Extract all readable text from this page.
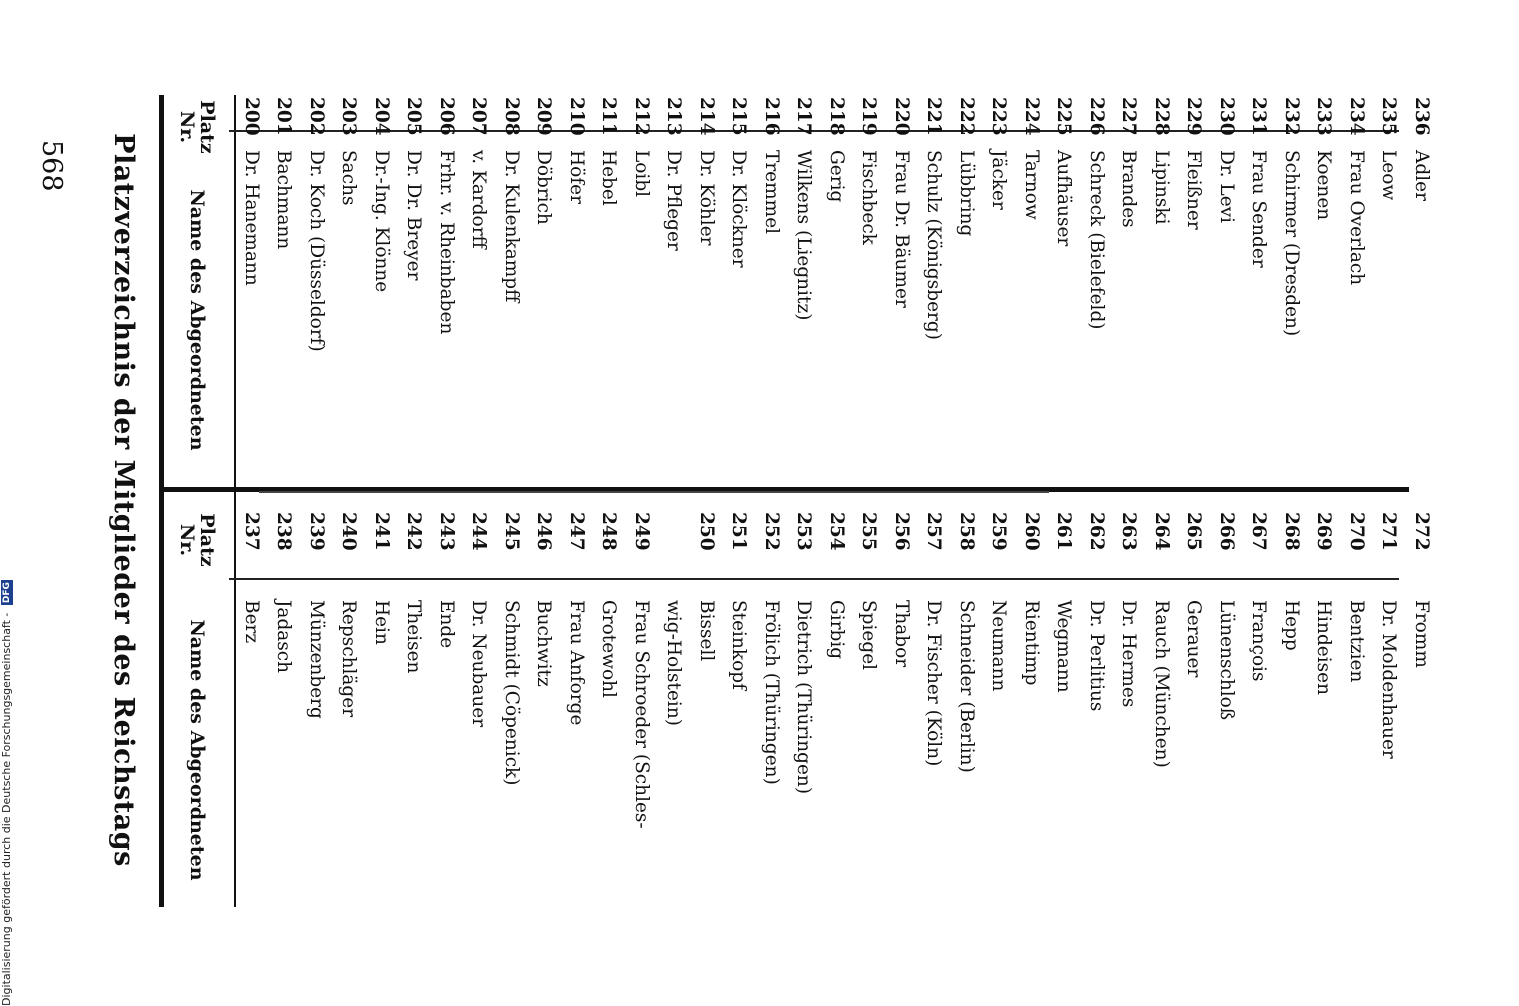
568 Platzverzeichnis der Mitglieder des Reichstags
Platz Nr.
Name des Abgeordneten
Platz Nr.
Name des Abgeordneten
200
Dr. Hanemann
201
Bachmann
202
Dr. Koch (Düsseldorf)
203
Sachs
204
Dr.-Ing. Klönne
205
Dr. Dr. Breyer
206
Frhr. v. Rheinbaben
207
v. Kardorff
208
Dr. Kulenkampff
209
Döbrich
210
Höfer
211
Hebel
212
Loibl
213
Dr. Pfleger
214
Dr. Köhler
215
Dr. Klöckner
216
Tremmel
217
Wilkens (Liegnitz)
218
Gerig
219
Fischbeck
220
Frau Dr. Bäumer
221
Schulz (Königsberg)
222
Lübbring
223
Jäcker
224
Tarnow
225
Aufhäuser
226
Schreck (Bielefeld)
227
Brandes
228
Lipinski
229
Fleißner
230
Dr. Levi
231
Frau Sender
232
Schirmer (Dresden)
233
Koenen
234
Frau Overlach
235
Leow
236
Adler
237
Berz
238
Jadasch
239
Münzenberg
240
Repschläger
241
Hein
242
Theisen
243
Ende
244
Dr. Neubauer
245
Schmidt (Cöpenick)
246
Buchwitz
247
Frau Anforge
248
Grotewohl
249
Frau Schroeder (Schles- wig-Holstein)
250
Bissell
251
Steinkopf
252
Frölich (Thüringen)
253
Dietrich (Thüringen)
254
Girbig
255
Spiegel
256
Thabor
257
Dr. Fischer (Köln)
258
Schneider (Berlin)
259
Neumann
260
Rientimp
261
Wegmann
262
Dr. Perlitius
263
Dr. Hermes
264
Rauch (München)
265
Gerauer
266
Lünenschloß
267
François
268
Hepp
269
Hindeisen
270
Bentzien
271
Dr. Moldenhauer
272
Fromm
Digitalisierung gefördert durch die Deutsche Forschungsgemeinschaft - DFG
